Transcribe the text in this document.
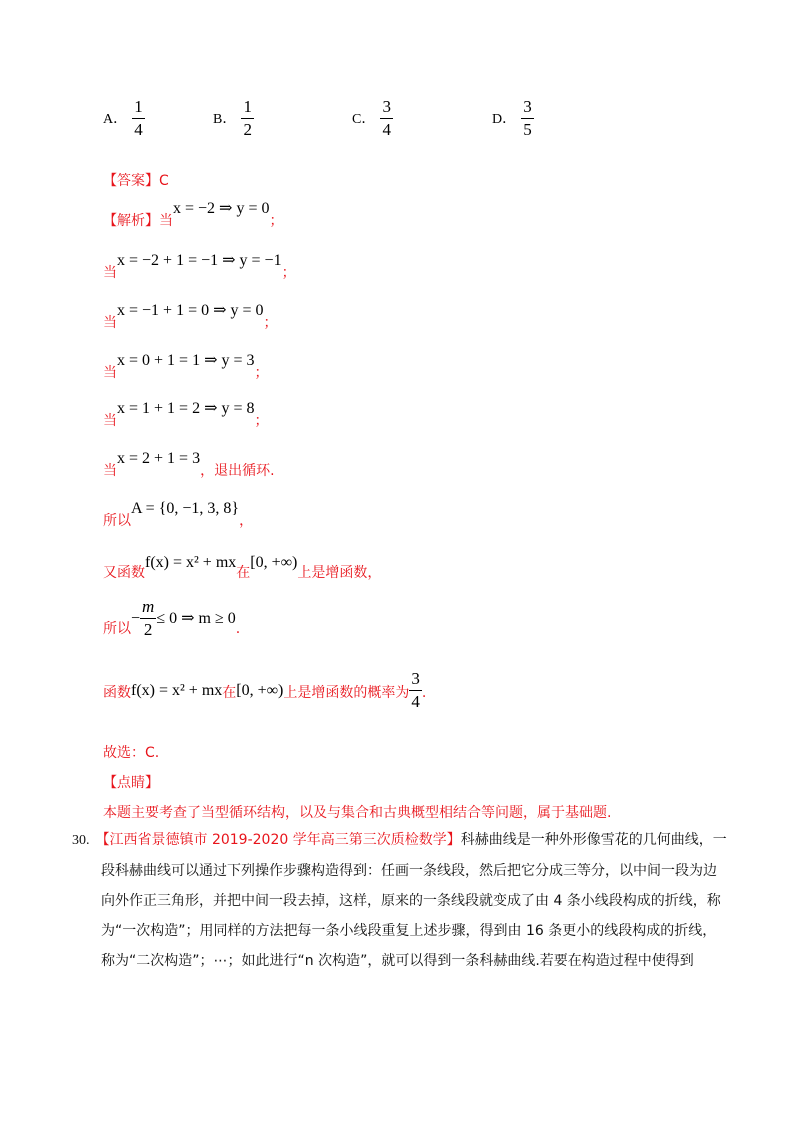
A． $\frac{1}{4}$	B． $\frac{1}{2}$	C． $\frac{3}{4}$	D． $\frac{3}{5}$
【答案】C
【解析】当x = −2 ⇒ y = 0；
当x = −2 + 1 = −1 ⇒ y = −1；
当x = −1 + 1 = 0 ⇒ y = 0；
当x = 0 + 1 = 1 ⇒ y = 3；
当x = 1 + 1 = 2 ⇒ y = 8；
当x = 2 + 1 = 3，退出循环.
所以A = {0, −1, 3, 8}，
又函数f(x) = x² + mx在[0, +∞)上是增函数，
所以− $\frac{m}{2} \le 0$ ⇒ m ≥ 0.
函数f(x) = x² + mx在[0, +∞)上是增函数的概率为 $\frac{3}{4}$ .
故选：C.
【点睛】
本题主要考查了当型循环结构，以及与集合和古典概型相结合等问题，属于基础题.
30. 【江西省景德镇市 2019-2020 学年高三第三次质检数学】科赫曲线是一种外形像雪花的几何曲线，一
段科赫曲线可以通过下列操作步骤构造得到：任画一条线段，然后把它分成三等分，以中间一段为边
向外作正三角形，并把中间一段去掉，这样，原来的一条线段就变成了由 4 条小线段构成的折线，称
为“一次构造”；用同样的方法把每一条小线段重复上述步骤，得到由 16 条更小的线段构成的折线，
称为“二次构造”；⋯；如此进行“n 次构造”，就可以得到一条科赫曲线.若要在构造过程中使得到
